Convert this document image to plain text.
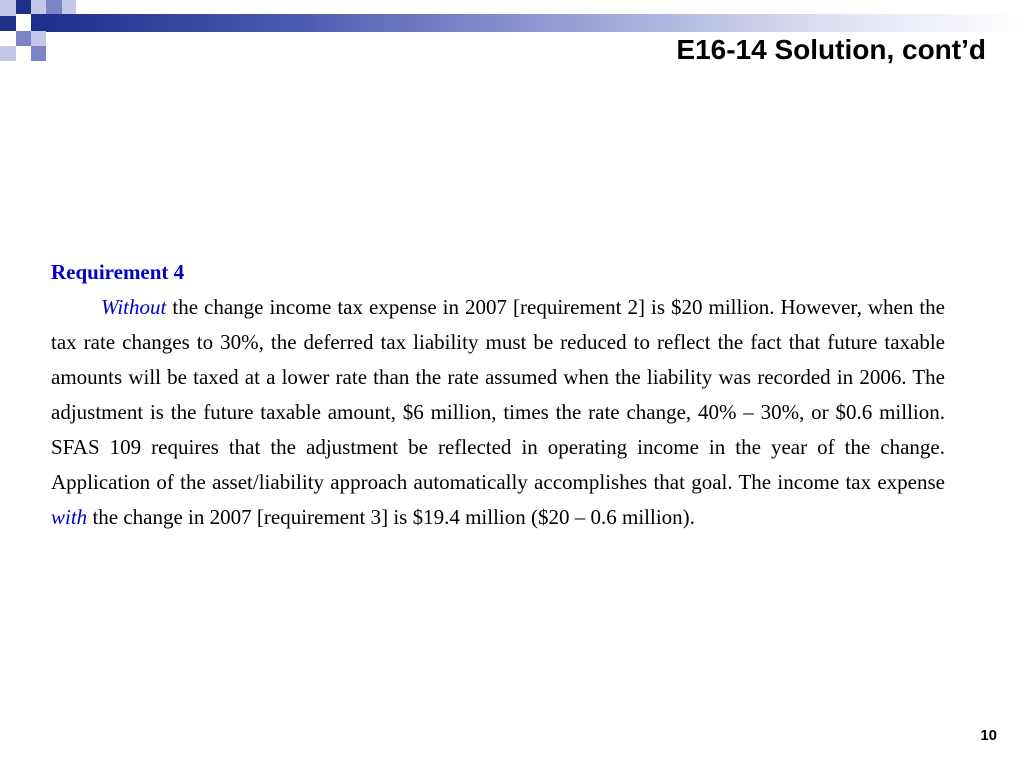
E16-14 Solution, cont’d

Requirement 4

Without the change income tax expense in 2007 [requirement 2] is $20 million. However, when the tax rate changes to 30%, the deferred tax liability must be reduced to reflect the fact that future taxable amounts will be taxed at a lower rate than the rate assumed when the liability was recorded in 2006. The adjustment is the future taxable amount, $6 million, times the rate change, 40% – 30%, or $0.6 million. SFAS 109 requires that the adjustment be reflected in operating income in the year of the change. Application of the asset/liability approach automatically accomplishes that goal. The income tax expense with the change in 2007 [requirement 3] is $19.4 million ($20 – 0.6 million).

10
